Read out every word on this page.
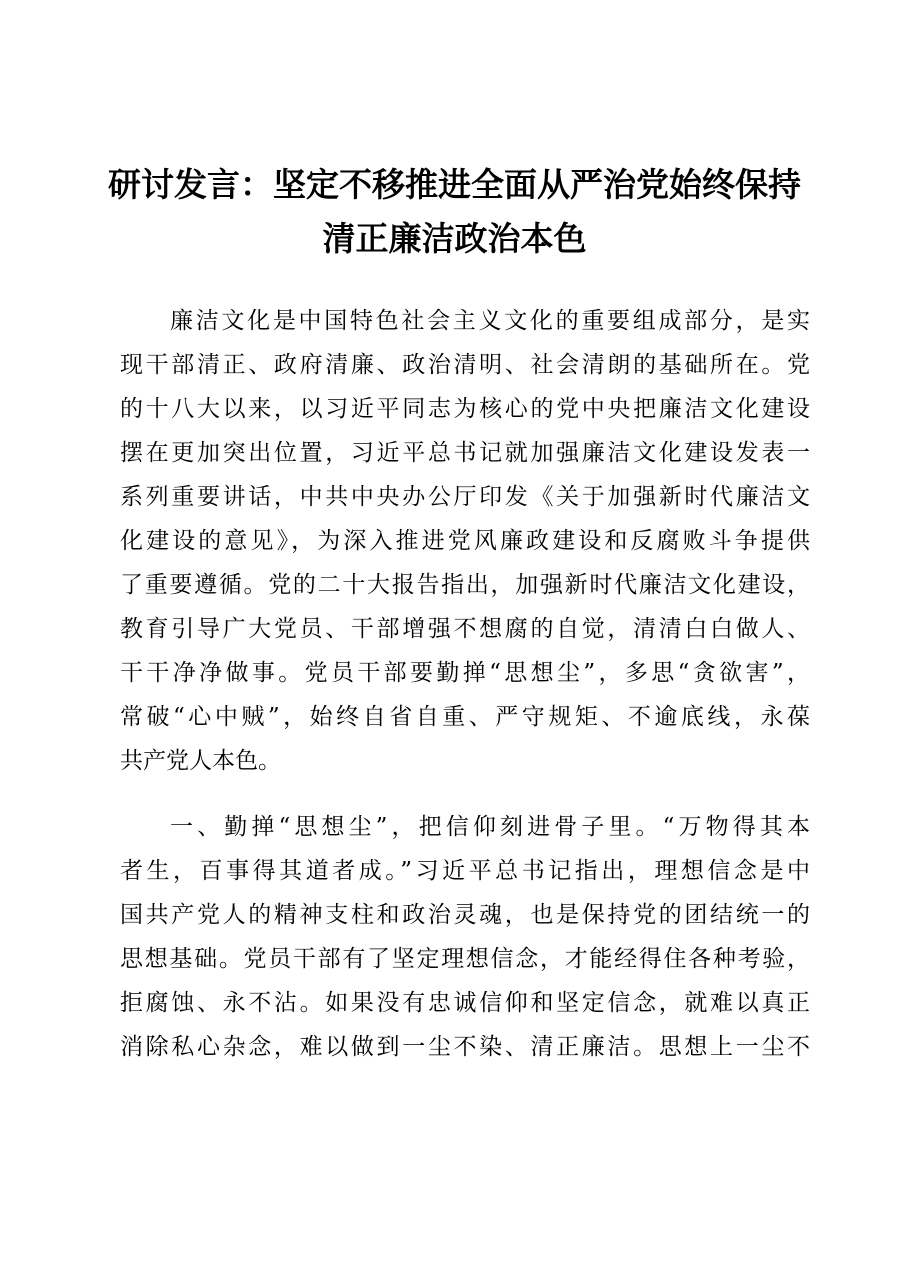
研讨发言：坚定不移推进全面从严治党始终保持清正廉洁政治本色
廉洁文化是中国特色社会主义文化的重要组成部分，是实
现干部清正、政府清廉、政治清明、社会清朗的基础所在。党
的十八大以来，以习近平同志为核心的党中央把廉洁文化建设
摆在更加突出位置，习近平总书记就加强廉洁文化建设发表一
系列重要讲话，中共中央办公厅印发《关于加强新时代廉洁文
化建设的意见》，为深入推进党风廉政建设和反腐败斗争提供
了重要遵循。党的二十大报告指出，加强新时代廉洁文化建设，
教育引导广大党员、干部增强不想腐的自觉，清清白白做人、
干干净净做事。党员干部要勤掸“思想尘”，多思“贪欲害”，
常破“心中贼”，始终自省自重、严守规矩、不逾底线，永葆
共产党人本色。
一、勤掸“思想尘”，把信仰刻进骨子里。“万物得其本
者生，百事得其道者成。”习近平总书记指出，理想信念是中
国共产党人的精神支柱和政治灵魂，也是保持党的团结统一的
思想基础。党员干部有了坚定理想信念，才能经得住各种考验，
拒腐蚀、永不沾。如果没有忠诚信仰和坚定信念，就难以真正
消除私心杂念，难以做到一尘不染、清正廉洁。思想上一尘不
